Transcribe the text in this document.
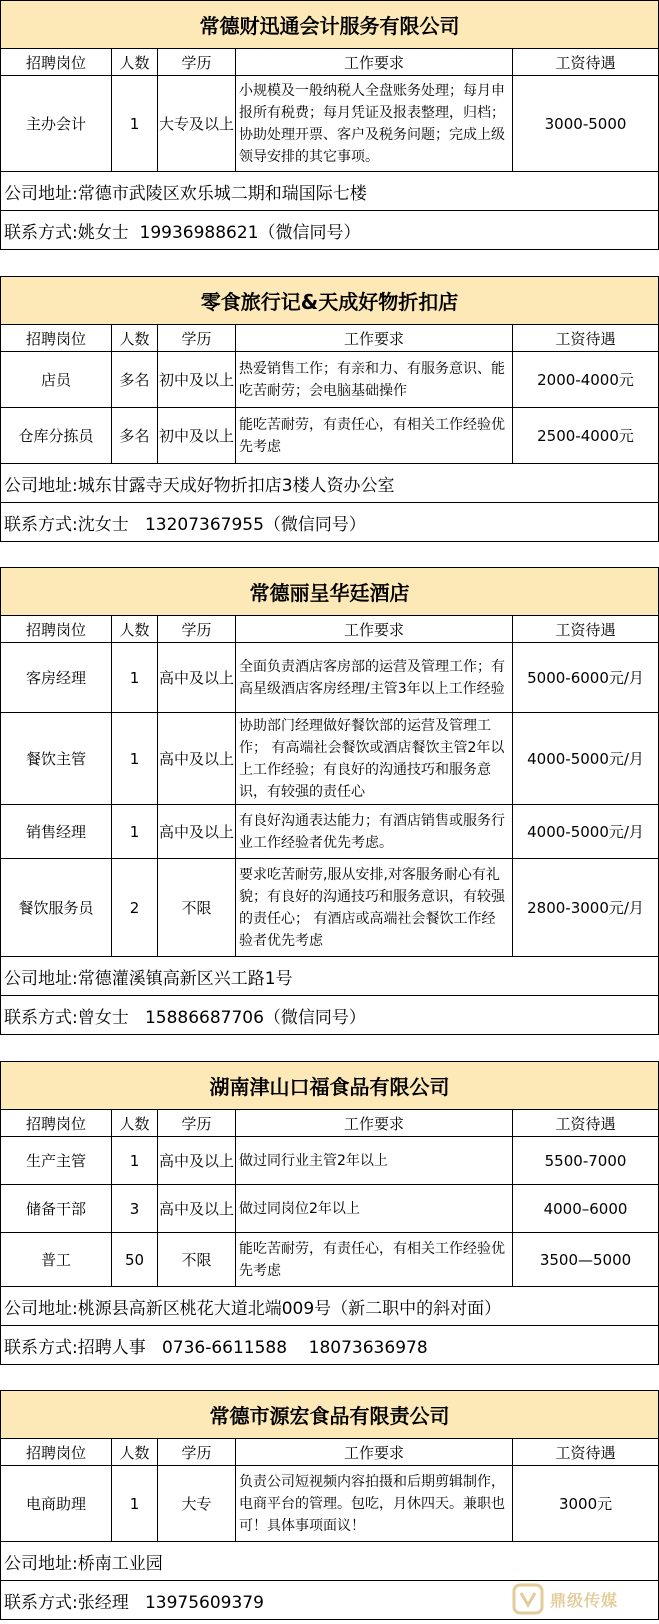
常德财迅通会计服务有限公司				
招聘岗位	人数	学历	工作要求	工资待遇
主办会计	1	大专及以上	小规模及一般纳税人全盘账务处理；每月申报所有税费；每月凭证及报表整理，归档；协助处理开票、客户及税务问题；完成上级领导安排的其它事项。	3000-5000
公司地址:常德市武陵区欢乐城二期和瑞国际七楼				
联系方式:姚女士  19936988621（微信同号）				
零食旅行记&天成好物折扣店				
招聘岗位	人数	学历	工作要求	工资待遇
店员	多名	初中及以上	热爱销售工作；有亲和力、有服务意识、能吃苦耐劳；会电脑基础操作	2000-4000元
仓库分拣员	多名	初中及以上	能吃苦耐劳，有责任心，有相关工作经验优先考虑	2500-4000元
公司地址:城东甘露寺天成好物折扣店3楼人资办公室				
联系方式:沈女士   13207367955（微信同号）				
常德丽呈华廷酒店				
招聘岗位	人数	学历	工作要求	工资待遇
客房经理	1	高中及以上	全面负责酒店客房部的运营及管理工作；有高星级酒店客房经理/主管3年以上工作经验	5000-6000元/月
餐饮主管	1	高中及以上	协助部门经理做好餐饮部的运营及管理工作； 有高端社会餐饮或酒店餐饮主管2年以上工作经验；有良好的沟通技巧和服务意识，有较强的责任心	4000-5000元/月
销售经理	1	高中及以上	有良好沟通表达能力；有酒店销售或服务行业工作经验者优先考虑。	4000-5000元/月
餐饮服务员	2	不限	要求吃苦耐劳,服从安排,对客服务耐心有礼貌；有良好的沟通技巧和服务意识，有较强的责任心； 有酒店或高端社会餐饮工作经验者优先考虑	2800-3000元/月
公司地址:常德灌溪镇高新区兴工路1号				
联系方式:曾女士   15886687706（微信同号）				
湖南津山口福食品有限公司				
招聘岗位	人数	学历	工作要求	工资待遇
生产主管	1	高中及以上	做过同行业主管2年以上	5500-7000
储备干部	3	高中及以上	做过同岗位2年以上	4000–6000
普工	50	不限	能吃苦耐劳，有责任心，有相关工作经验优先考虑	3500—5000
公司地址:桃源县高新区桃花大道北端009号（新二职中的斜对面）				
联系方式:招聘人事   0736-6611588    18073636978				
常德市源宏食品有限责公司				
招聘岗位	人数	学历	工作要求	工资待遇
电商助理	1	大专	负责公司短视频内容拍摄和后期剪辑制作，电商平台的管理。包吃，月休四天。兼职也可！具体事项面议！	3000元
公司地址:桥南工业园				
联系方式:张经理   13975609379					鼎级传媒
